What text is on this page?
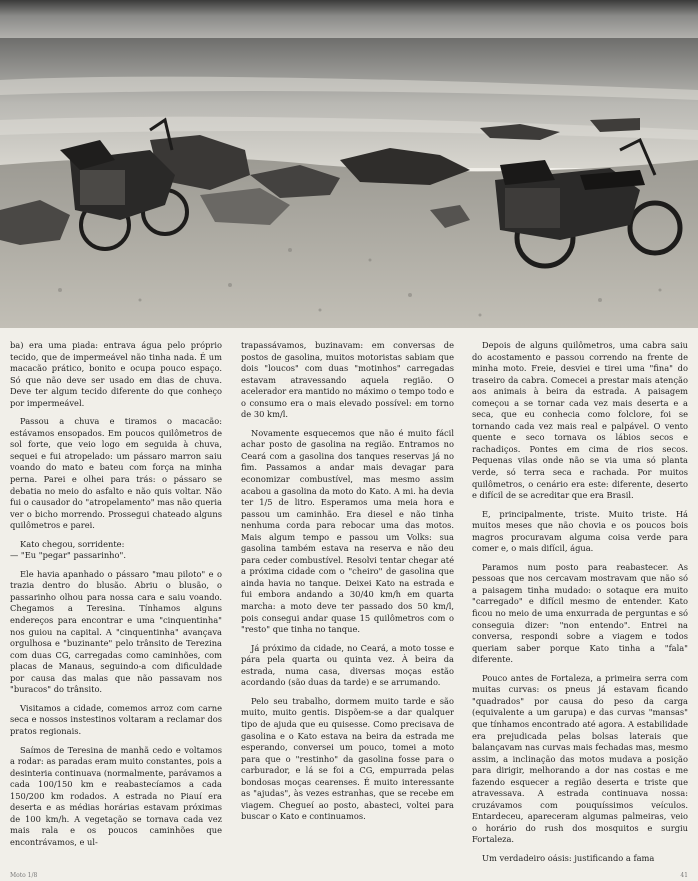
ba) era uma piada: entrava água pelo próprio tecido, que de impermeável não tinha nada. É um macacão prático, bonito e ocupa pouco espaço. Só que não deve ser usado em dias de chuva. Deve ter algum tecido diferente do que conheço por impermeável.

Passou a chuva e tiramos o macacão: estávamos ensopados. Em poucos quilômetros de sol forte, que veio logo em seguida à chuva, sequei e fui atropelado: um pássaro marron saiu voando do mato e bateu com força na minha perna. Parei e olhei para trás: o pássaro se debatia no meio do asfalto e não quis voltar. Não fui o causador do "atropelamento" mas não queria ver o bicho morrendo. Prossegui chateado alguns quilômetros e parei.

Kato chegou, sorridente:
— "Eu "pegar" passarinho".

Ele havia apanhado o pássaro "mau piloto" e o trazia dentro do blusão. Abriu o blusão, o passarinho olhou para nossa cara e saiu voando. Chegamos a Teresina. Tínhamos alguns endereços para encontrar e uma "cinquentinha" nos guiou na capital. A "cinquentinha" avançava orgulhosa e "buzinante" pelo trânsito de Terezina com duas CG, carregadas como caminhões, com placas de Manaus, seguindo-a com dificuldade por causa das malas que não passavam nos "buracos" do trânsito.

Visitamos a cidade, comemos arroz com carne seca e nossos instestinos voltaram a reclamar dos pratos regionais.

Saímos de Teresina de manhã cedo e voltamos a rodar: as paradas eram muito constantes, pois a desinteria continuava (normalmente, parávamos a cada 100/150 km e reabastecíamos a cada 150/200 km rodados. A estrada no Piauí era deserta e as médias horárias estavam próximas de 100 km/h. A vegetação se tornava cada vez mais rala e os poucos caminhões que encontrávamos, e ul-

trapassávamos, buzinavam: em conversas de postos de gasolina, muitos motoristas sabiam que dois "loucos" com duas "motinhos" carregadas estavam atravessando aquela região. O acelerador era mantido no máximo o tempo todo e o consumo era o mais elevado possível: em torno de 30 km/l.

Novamente esquecemos que não é muito fácil achar posto de gasolina na região. Entramos no Ceará com a gasolina dos tanques reservas já no fim. Passamos a andar mais devagar para economizar combustível, mas mesmo assim acabou a gasolina da moto do Kato. A mi. ha devia ter 1/5 de litro. Esperamos uma meia hora e passou um caminhão. Era diesel e não tinha nenhuma corda para rebocar uma das motos. Mais algum tempo e passou um Volks: sua gasolina também estava na reserva e não deu para ceder combustível. Resolvi tentar chegar até a próxima cidade com o "cheiro" de gasolina que ainda havia no tanque. Deixei Kato na estrada e fui embora andando a 30/40 km/h em quarta marcha: a moto deve ter passado dos 50 km/l, pois consegui andar quase 15 quilômetros com o "resto" que tinha no tanque.

Já próximo da cidade, no Ceará, a moto tosse e pára pela quarta ou quinta vez. À beira da estrada, numa casa, diversas moças estão acordando (são duas da tarde) e se arrumando.

Pelo seu trabalho, dormem muito tarde e são muito, muito gentis. Dispõem-se a dar qualquer tipo de ajuda que eu quisesse. Como precisava de gasolina e o Kato estava na beira da estrada me esperando, conversei um pouco, tomei a moto para que o "restinho" da gasolina fosse para o carburador, e lá se foi a CG, empurrada pelas bondosas moças cearenses. É muito interessante as "ajudas", às vezes estranhas, que se recebe em viagem. Chegueí ao posto, abasteci, voltei para buscar o Kato e continuamos.

Depois de alguns quilômetros, uma cabra saiu do acostamento e passou correndo na frente de minha moto. Freie, desviei e tirei uma "fina" do traseiro da cabra. Comecei a prestar mais atenção aos animais à beira da estrada. A paisagem começou a se tornar cada vez mais deserta e a seca, que eu conhecia como folclore, foi se tornando cada vez mais real e palpável. O vento quente e seco tornava os lábios secos e rachadiços. Pontes em cima de rios secos. Pequenas vilas onde não se via uma só planta verde, só terra seca e rachada. Por muitos quilômetros, o cenário era este: diferente, deserto e difícil de se acreditar que era Brasil.

E, principalmente, triste. Muito triste. Há muitos meses que não chovia e os poucos bois magros procuravam alguma coisa verde para comer e, o mais difícil, água.

Paramos num posto para reabastecer. As pessoas que nos cercavam mostravam que não só a paisagem tinha mudado: o sotaque era muito "carregado" e difícil mesmo de entender. Kato ficou no meio de uma enxurrada de perguntas e só conseguia dizer: "non entendo". Entrei na conversa, respondi sobre a viagem e todos queriam saber porque Kato tinha a "fala" diferente.

Pouco antes de Fortaleza, a primeira serra com muitas curvas: os pneus já estavam ficando "quadrados" por causa do peso da carga (equivalente a um garupa) e das curvas "mansas" que tínhamos encontrado até agora. A estabilidade era prejudicada pelas bolsas laterais que balançavam nas curvas mais fechadas mas, mesmo assim, a inclinação das motos mudava a posição para dirigir, melhorando a dor nas costas e me fazendo esquecer a região deserta e triste que atravessava. A estrada continuava nossa: cruzávamos com pouquíssimos veículos. Entardeceu, apareceram algumas palmeiras, veio o horário do rush dos mosquitos e surgiu Fortaleza.

Um verdadeiro oásis: justificando a fama

Moto 1/8	41
